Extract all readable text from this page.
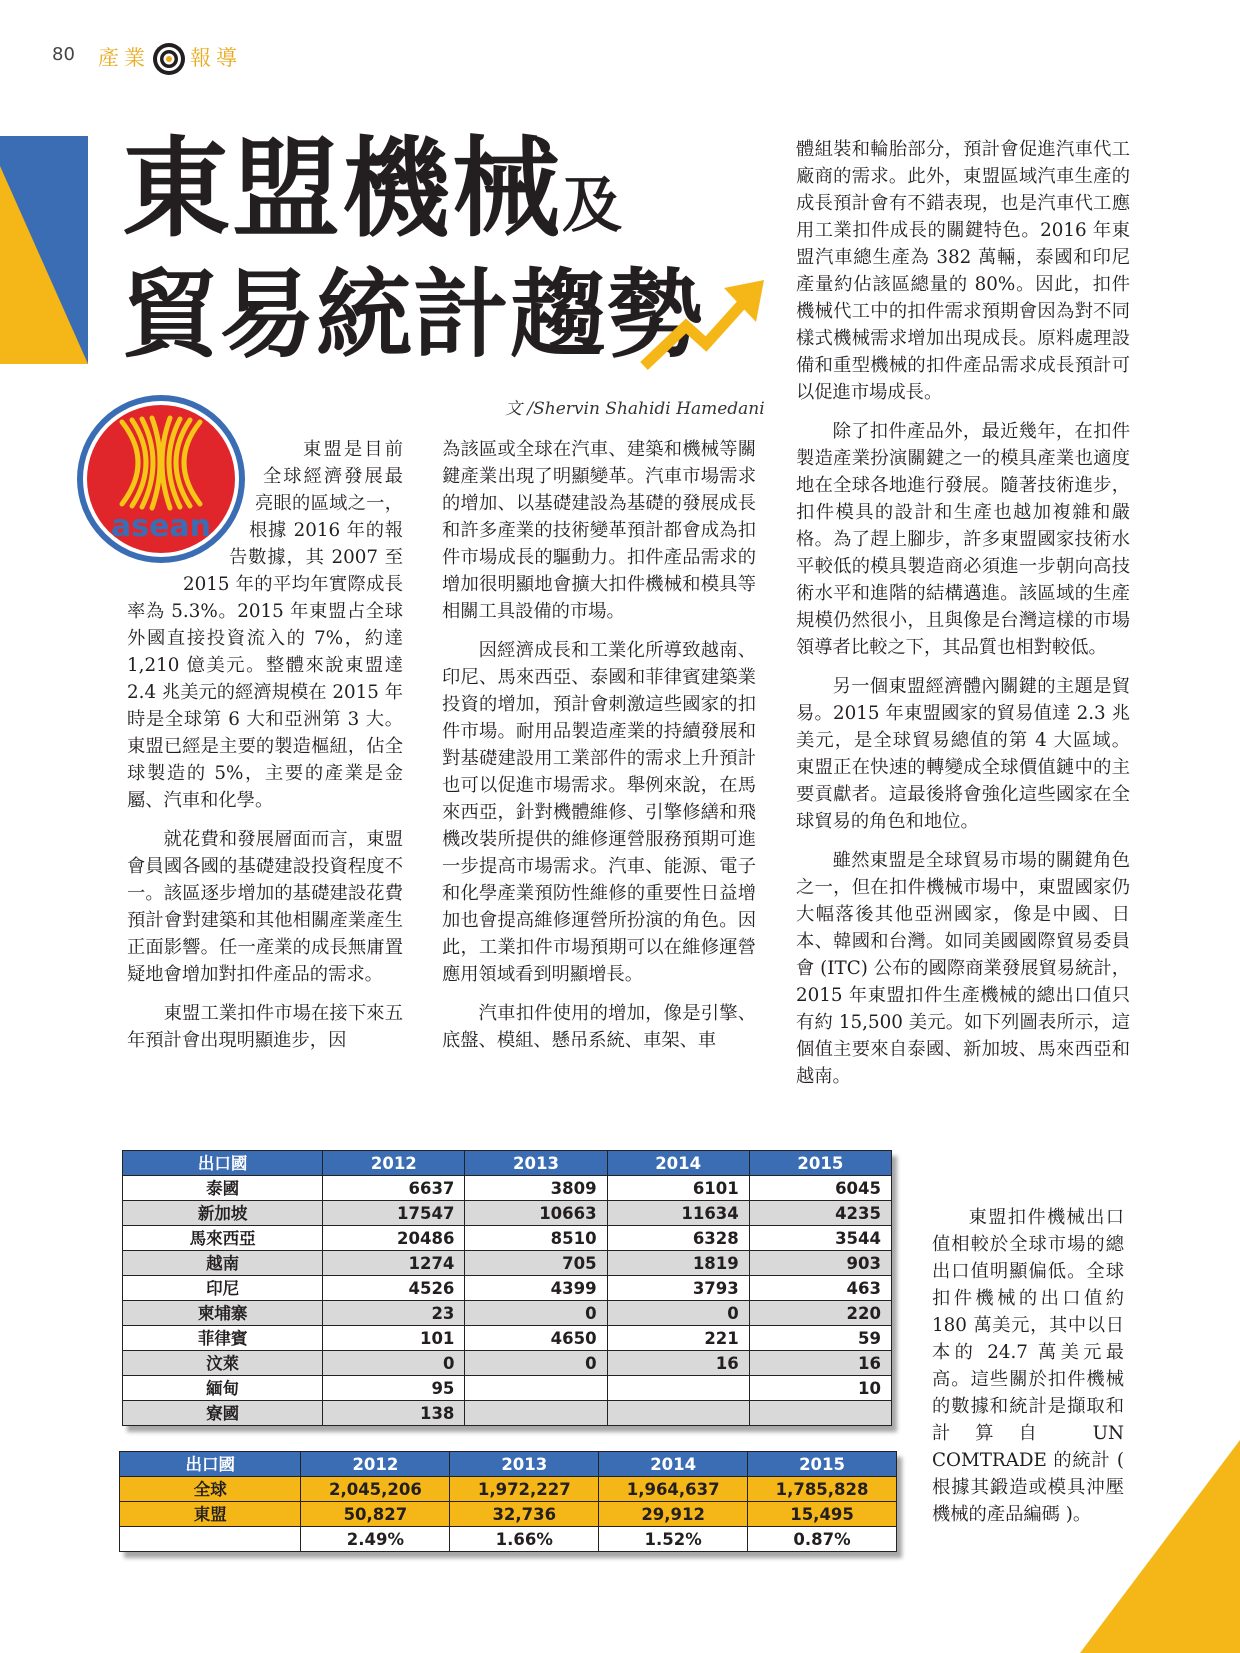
80 產業 報導
東盟機械及
貿易統計趨勢
文 /Shervin Shahidi Hamedani
asean

東盟是目前全球經濟發展最亮眼的區域之一，根據 2016 年的報告數據，其 2007 至 2015 年的平均年實際成長率為 5.3%。2015 年東盟占全球外國直接投資流入的 7%，約達 1,210 億美元。整體來說東盟達 2.4 兆美元的經濟規模在 2015 年時是全球第 6 大和亞洲第 3 大。東盟已經是主要的製造樞紐，佔全球製造的 5%，主要的產業是金屬、汽車和化學。

就花費和發展層面而言，東盟會員國各國的基礎建設投資程度不一。該區逐步增加的基礎建設花費預計會對建築和其他相關產業產生正面影響。任一產業的成長無庸置疑地會增加對扣件產品的需求。

東盟工業扣件市場在接下來五年預計會出現明顯進步，因

為該區或全球在汽車、建築和機械等關鍵產業出現了明顯變革。汽車市場需求的增加、以基礎建設為基礎的發展成長和許多產業的技術變革預計都會成為扣件市場成長的驅動力。扣件產品需求的增加很明顯地會擴大扣件機械和模具等相關工具設備的市場。

因經濟成長和工業化所導致越南、印尼、馬來西亞、泰國和菲律賓建築業投資的增加，預計會刺激這些國家的扣件市場。耐用品製造產業的持續發展和對基礎建設用工業部件的需求上升預計也可以促進市場需求。舉例來說，在馬來西亞，針對機體維修、引擎修繕和飛機改裝所提供的維修運營服務預期可進一步提高市場需求。汽車、能源、電子和化學產業預防性維修的重要性日益增加也會提高維修運營所扮演的角色。因此，工業扣件市場預期可以在維修運營應用領域看到明顯增長。

汽車扣件使用的增加，像是引擎、底盤、模組、懸吊系統、車架、車

體組裝和輪胎部分，預計會促進汽車代工廠商的需求。此外，東盟區域汽車生產的成長預計會有不錯表現，也是汽車代工應用工業扣件成長的關鍵特色。2016 年東盟汽車總生產為 382 萬輛，泰國和印尼產量約佔該區總量的 80%。因此，扣件機械代工中的扣件需求預期會因為對不同樣式機械需求增加出現成長。原料處理設備和重型機械的扣件產品需求成長預計可以促進市場成長。

除了扣件產品外，最近幾年，在扣件製造產業扮演關鍵之一的模具產業也適度地在全球各地進行發展。隨著技術進步，扣件模具的設計和生產也越加複雜和嚴格。為了趕上腳步，許多東盟國家技術水平較低的模具製造商必須進一步朝向高技術水平和進階的結構邁進。該區域的生產規模仍然很小，且與像是台灣這樣的市場領導者比較之下，其品質也相對較低。

另一個東盟經濟體內關鍵的主題是貿易。2015 年東盟國家的貿易值達 2.3 兆美元，是全球貿易總值的第 4 大區域。東盟正在快速的轉變成全球價值鏈中的主要貢獻者。這最後將會強化這些國家在全球貿易的角色和地位。

雖然東盟是全球貿易市場的關鍵角色之一，但在扣件機械市場中，東盟國家仍大幅落後其他亞洲國家，像是中國、日本、韓國和台灣。如同美國國際貿易委員會 (ITC) 公布的國際商業發展貿易統計，2015 年東盟扣件生產機械的總出口值只有約 15,500 美元。如下列圖表所示，這個值主要來自泰國、新加坡、馬來西亞和越南。

東盟扣件機械出口值相較於全球市場的總出口值明顯偏低。全球扣件機械的出口值約 180 萬美元，其中以日本的 24.7 萬美元最高。這些關於扣件機械的數據和統計是擷取和計算自 UN COMTRADE 的統計 ( 根據其鍛造或模具沖壓機械的產品編碼 )。

出口國	2012	2013	2014	2015
泰國	6637	3809	6101	6045
新加坡	17547	10663	11634	4235
馬來西亞	20486	8510	6328	3544
越南	1274	705	1819	903
印尼	4526	4399	3793	463
柬埔寨	23	0	0	220
菲律賓	101	4650	221	59
汶萊	0	0	16	16
緬甸	95			10
寮國	138			
出口國	2012	2013	2014	2015
全球	2,045,206	1,972,227	1,964,637	1,785,828
東盟	50,827	32,736	29,912	15,495
	2.49%	1.66%	1.52%	0.87%
